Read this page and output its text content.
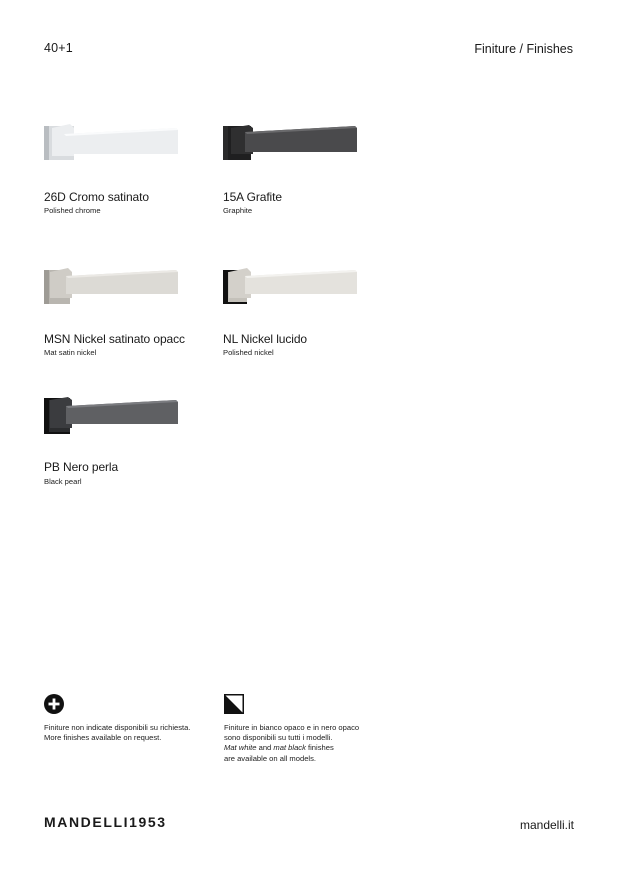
40+1	Finiture / Finishes
26D Cromo satinato
Polished chrome
15A Grafite
Graphite
MSN Nickel satinato opacc
Mat satin nickel
NL Nickel lucido
Polished nickel
PB Nero perla
Black pearl
Finiture non indicate disponibili su richiesta.
More finishes available on request.
Finiture in bianco opaco e in nero opaco
sono disponibili su tutti i modelli.
Mat white and mat black finishes
are available on all models.
MANDELLI1953	mandelli.it
